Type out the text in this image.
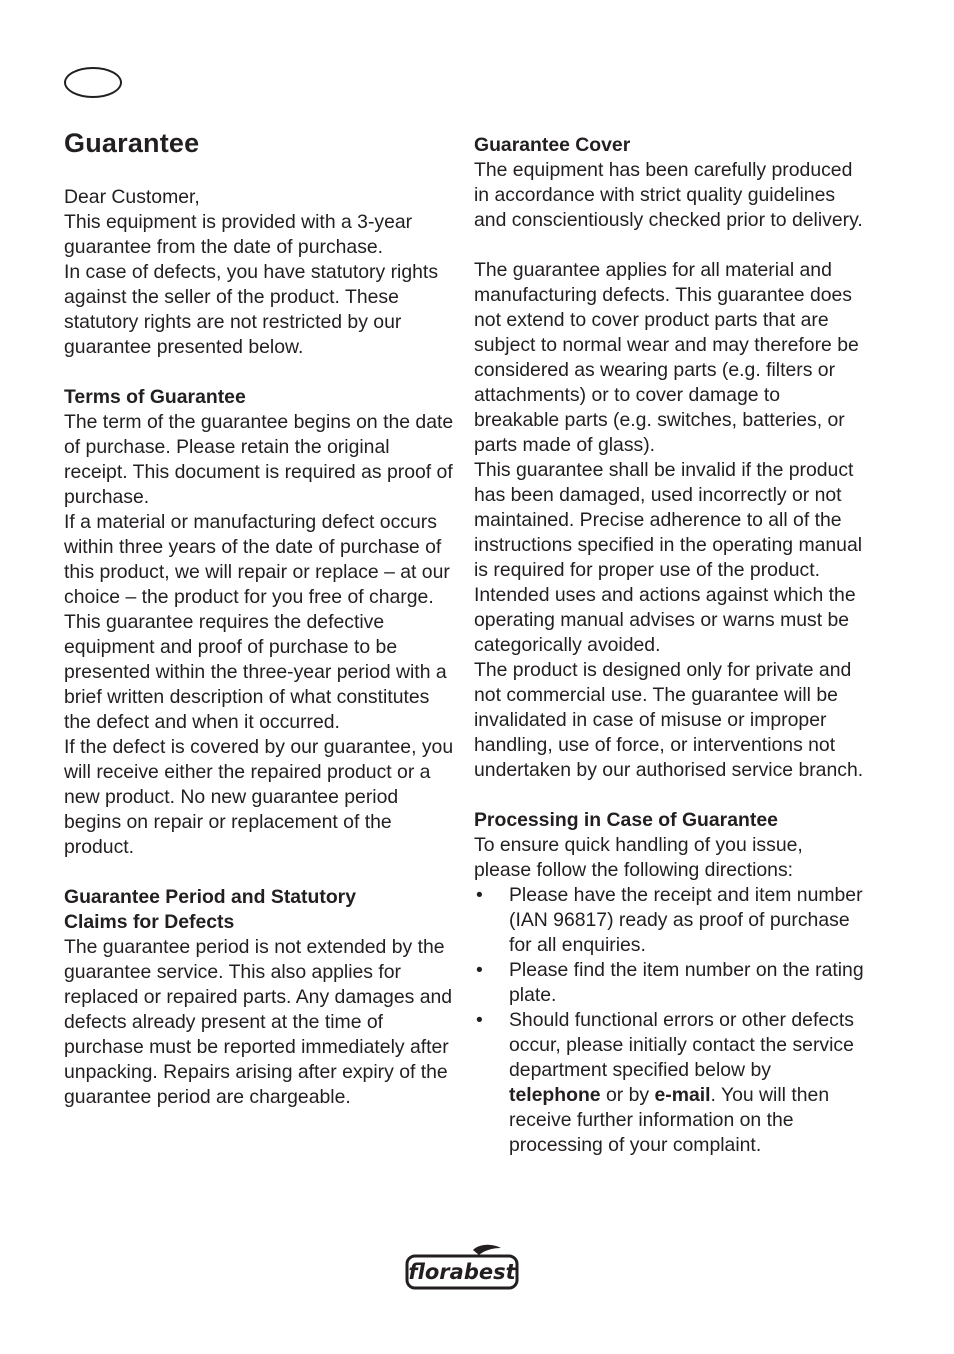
Guarantee

Dear Customer,

This equipment is provided with a 3-year guarantee from the date of purchase.

In case of defects, you have statutory rights against the seller of the product. These statutory rights are not restricted by our guarantee presented below.

Terms of Guarantee

The term of the guarantee begins on the date of purchase. Please retain the original receipt. This document is required as proof of purchase.

If a material or manufacturing defect occurs within three years of the date of purchase of this product, we will repair or replace – at our choice – the product for you free of charge. This guarantee requires the defective equipment and proof of purchase to be presented within the three-year period with a brief written description of what constitutes the defect and when it occurred.

If the defect is covered by our guarantee, you will receive either the repaired product or a new product. No new guarantee period begins on repair or replacement of the product.

Guarantee Period and Statutory
Claims for Defects

The guarantee period is not extended by the guarantee service. This also applies for replaced or repaired parts. Any damages and defects already present at the time of purchase must be reported immediately after unpacking. Repairs arising after expiry of the guarantee period are chargeable.

Guarantee Cover

The equipment has been carefully produced in accordance with strict quality guidelines and conscientiously checked prior to delivery.

The guarantee applies for all material and manufacturing defects. This guarantee does not extend to cover product parts that are subject to normal wear and may therefore be considered as wearing parts (e.g. filters or attachments) or to cover damage to breakable parts (e.g. switches, batteries, or parts made of glass).

This guarantee shall be invalid if the product has been damaged, used incorrectly or not maintained. Precise adherence to all of the instructions specified in the operating manual is required for proper use of the product. Intended uses and actions against which the operating manual advises or warns must be categorically avoided.

The product is designed only for private and not commercial use. The guarantee will be invalidated in case of misuse or improper handling, use of force, or interventions not undertaken by our authorised service branch.

Processing in Case of Guarantee

To ensure quick handling of you issue, please follow the following directions:

• Please have the receipt and item number (IAN 96817) ready as proof of purchase for all enquiries.
• Please find the item number on the rating plate.
• Should functional errors or other defects occur, please initially contact the service department specified below by telephone or by e-mail. You will then receive further information on the processing of your complaint.
florabest
